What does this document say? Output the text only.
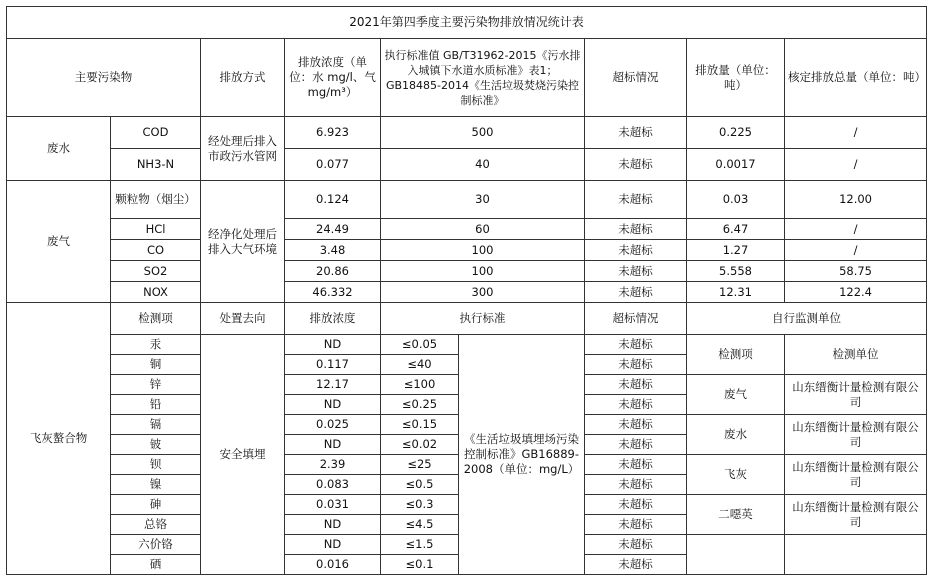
2021年第四季度主要污染物排放情况统计表								
主要污染物		排放方式	排放浓度（单位：水 mg/l、气 mg/m³）	执行标准值 GB/T31962-2015《污水排入城镇下水道水质标准》表1；GB18485-2014《生活垃圾焚烧污染控制标准》		超标情况	排放量（单位：吨）	核定排放总量（单位：吨）
废水	COD	经处理后排入市政污水管网	6.923	500		未超标	0.225	/
	NH3-N		0.077	40		未超标	0.0017	/
废气	颗粒物（烟尘）	经净化处理后排入大气环境	0.124	30		未超标	0.03	12.00
	HCl		24.49	60		未超标	6.47	/
	CO		3.48	100		未超标	1.27	/
	SO2		20.86	100		未超标	5.558	58.75
	NOX		46.332	300		未超标	12.31	122.4
飞灰螯合物	检测项	处置去向	排放浓度	执行标准		超标情况	自行监测单位	
	汞	安全填埋	ND	≤0.05	《生活垃圾填埋场污染控制标准》GB16889-2008（单位：mg/L）	未超标	检测项	检测单位
	铜		0.117	≤40		未超标		
	锌		12.17	≤100		未超标	废气	山东缙衡计量检测有限公司
	铅		ND	≤0.25		未超标		
	镉		0.025	≤0.15		未超标	废水	山东缙衡计量检测有限公司
	铍		ND	≤0.02		未超标		
	钡		2.39	≤25		未超标	飞灰	山东缙衡计量检测有限公司
	镍		0.083	≤0.5		未超标		
	砷		0.031	≤0.3		未超标	二噁英	山东缙衡计量检测有限公司
	总铬		ND	≤4.5		未超标		
	六价铬		ND	≤1.5		未超标		
	硒		0.016	≤0.1		未超标		
